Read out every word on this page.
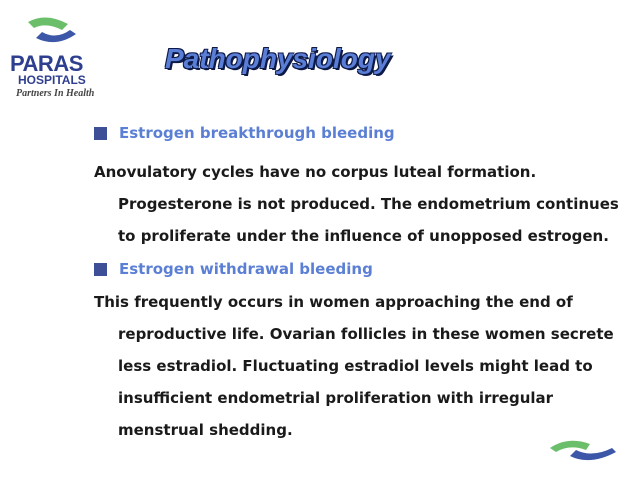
PARAS
HOSPITALS
Partners In Health
Pathophysiology
Estrogen breakthrough bleeding
Anovulatory cycles have no corpus luteal formation.
Progesterone is not produced. The endometrium continues
to proliferate under the influence of unopposed estrogen.
Estrogen withdrawal bleeding
This frequently occurs in women approaching the end of
reproductive life. Ovarian follicles in these women secrete
less estradiol. Fluctuating estradiol levels might lead to
insufficient endometrial proliferation with irregular
menstrual shedding.
